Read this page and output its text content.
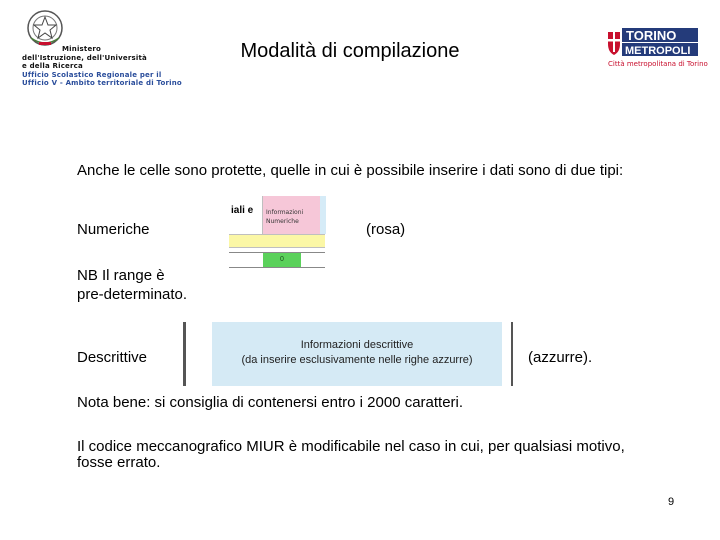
Ministero
dell'Istruzione, dell'Università
e della Ricerca
Ufficio Scolastico Regionale per il
Ufficio V - Ambito territoriale di Torino
Modalità di compilazione
TORINO
METROPOLI
Città metropolitana di Torino
Anche le celle sono protette, quelle in cui è possibile inserire i dati sono di due tipi:
Numeriche	(rosa)
NB Il range è
pre-determinato.
Descrittive	(azzurre).
Nota bene: si consiglia di contenersi entro i 2000 caratteri.
Il codice meccanografico MIUR è modificabile nel caso in cui, per qualsiasi motivo, fosse errato.
iali e Informazioni
Numeriche
0
Informazioni descrittive
(da inserire esclusivamente nelle righe azzurre)
9
